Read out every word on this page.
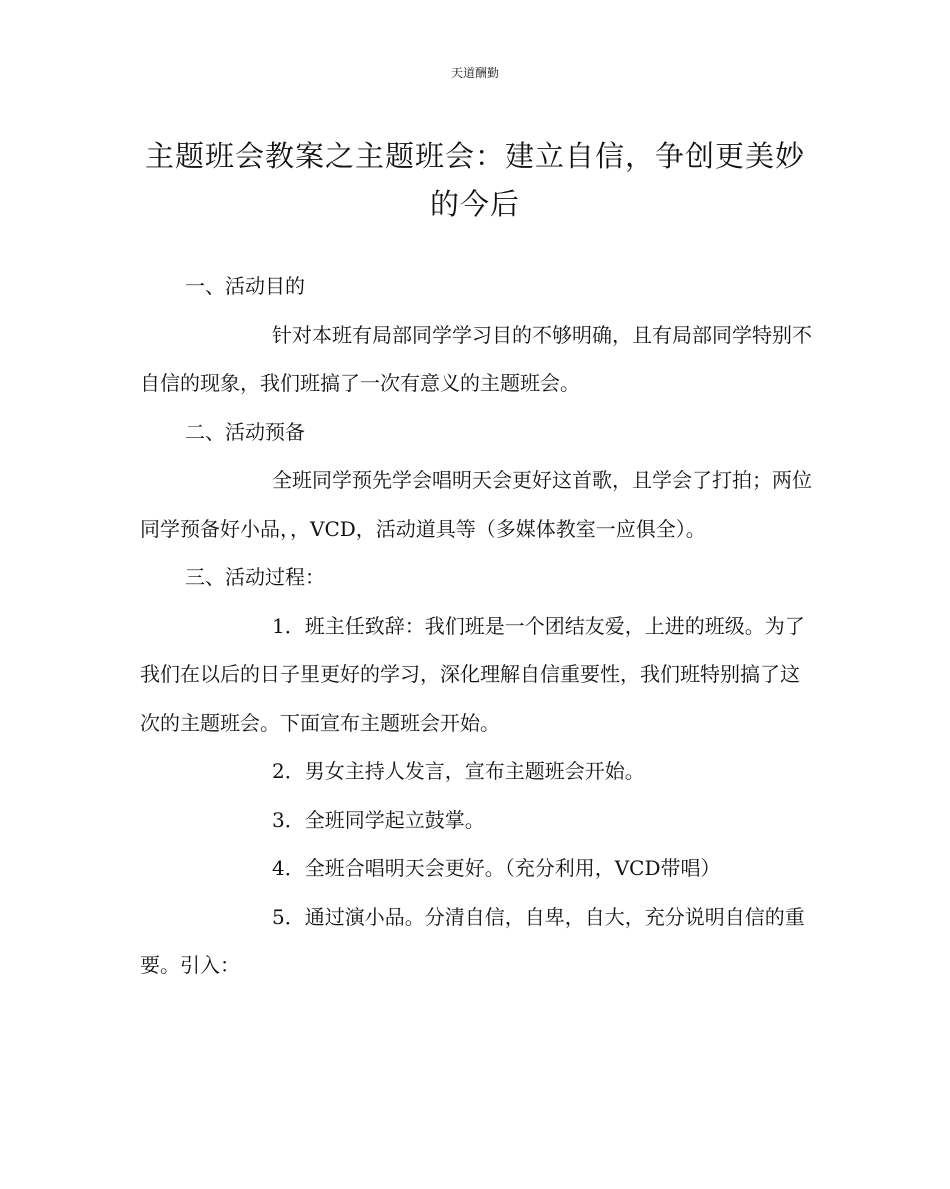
天道酬勤
主题班会教案之主题班会：建立自信，争创更美妙的今后

一、活动目的

针对本班有局部同学学习目的不够明确，且有局部同学特别不自信的现象，我们班搞了一次有意义的主题班会。

二、活动预备

全班同学预先学会唱明天会更好这首歌，且学会了打拍；两位同学预备好小品，，VCD，活动道具等（多媒体教室一应俱全）。

三、活动过程：

1．班主任致辞：我们班是一个团结友爱，上进的班级。为了我们在以后的日子里更好的学习，深化理解自信重要性，我们班特别搞了这次的主题班会。下面宣布主题班会开始。

2．男女主持人发言，宣布主题班会开始。

3．全班同学起立鼓掌。

4．全班合唱明天会更好。（充分利用，VCD带唱）

5．通过演小品。分清自信，自卑，自大，充分说明自信的重要。引入：
